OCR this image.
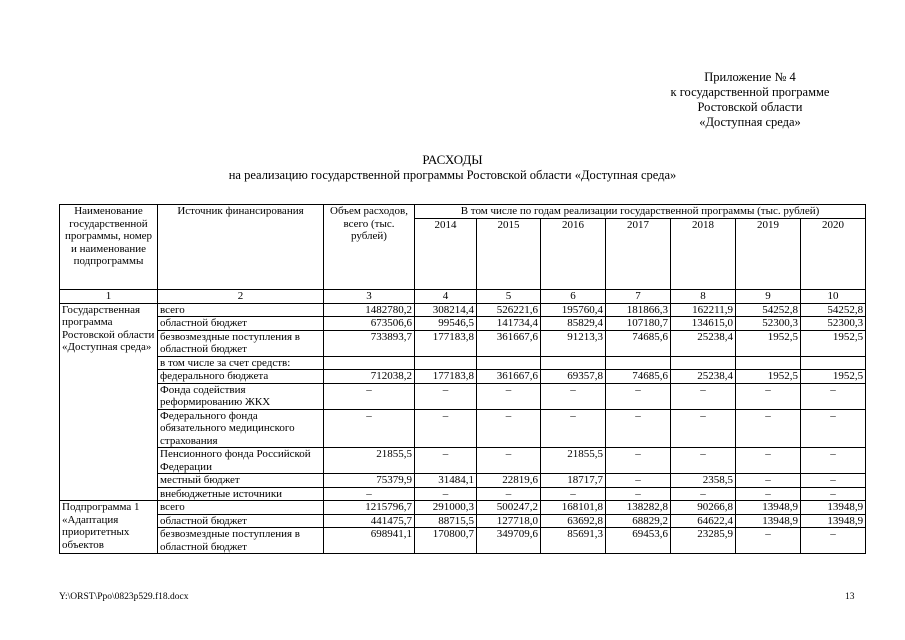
Приложение № 4
к государственной программе
Ростовской области
«Доступная среда»
РАСХОДЫ
на реализацию государственной программы Ростовской области «Доступная среда»
Наименование государственной программы, номер и наименование подпрограммы	Источник финансирования	Объем расходов, всего (тыс. рублей)	В том числе по годам реализации государственной программы (тыс. рублей)						
			2014	2015	2016	2017	2018	2019	2020
1	2	3	4	5	6	7	8	9	10
Государственная программа Ростовской области «Доступная среда»	всего	1482780,2	308214,4	526221,6	195760,4	181866,3	162211,9	54252,8	54252,8
	областной бюджет	673506,6	99546,5	141734,4	85829,4	107180,7	134615,0	52300,3	52300,3
	безвозмездные поступления в областной бюджет	733893,7	177183,8	361667,6	91213,3	74685,6	25238,4	1952,5	1952,5
	в том числе за счет средств:								
	федерального бюджета	712038,2	177183,8	361667,6	69357,8	74685,6	25238,4	1952,5	1952,5
	Фонда содействия реформированию ЖКХ	–	–	–	–	–	–	–	–
	Федерального фонда обязательного медицинского страхования	–	–	–	–	–	–	–	–
	Пенсионного фонда Российской Федерации	21855,5	–	–	21855,5	–	–	–	–
	местный бюджет	75379,9	31484,1	22819,6	18717,7	–	2358,5	–	–
	внебюджетные источники	–	–	–	–	–	–	–	–
Подпрограмма 1 «Адаптация приоритетных объектов	всего	1215796,7	291000,3	500247,2	168101,8	138282,8	90266,8	13948,9	13948,9
	областной бюджет	441475,7	88715,5	127718,0	63692,8	68829,2	64622,4	13948,9	13948,9
	безвозмездные поступления в областной бюджет	698941,1	170800,7	349709,6	85691,3	69453,6	23285,9	–	–
Y:\ORST\Ppo\0823p529.f18.docx	13
